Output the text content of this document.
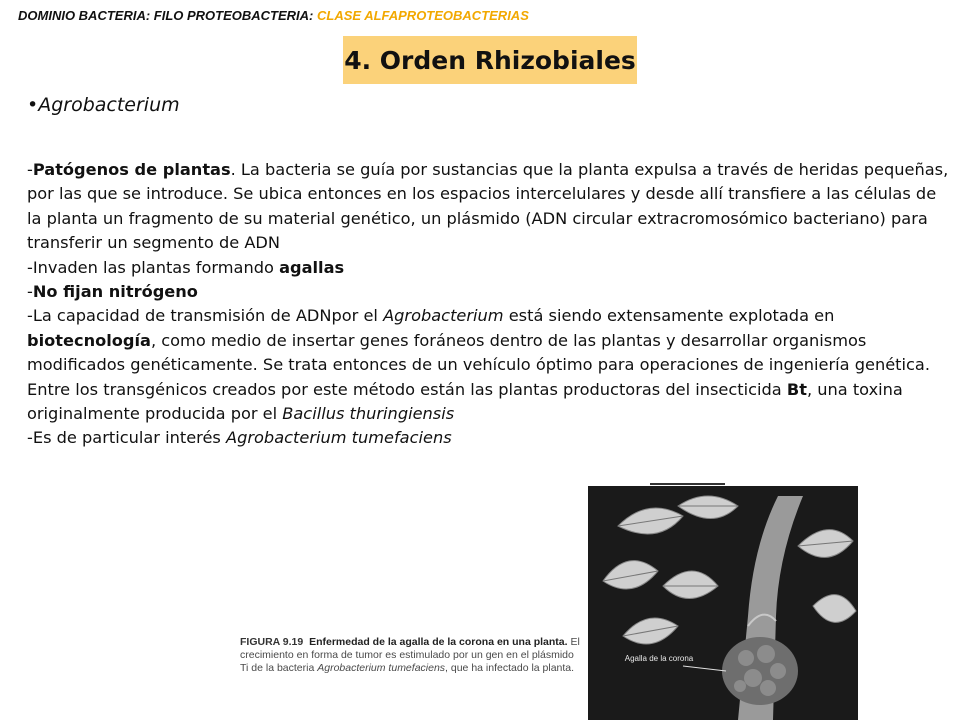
DOMINIO BACTERIA: FILO PROTEOBACTERIA: CLASE ALFAPROTEOBACTERIAS
4. Orden Rhizobiales
•Agrobacterium

-Patógenos de plantas. La bacteria se guía por sustancias que la planta expulsa a través de heridas pequeñas, por las que se introduce. Se ubica entonces en los espacios intercelulares y desde allí transfiere a las células de la planta un fragmento de su material genético, un plásmido (ADN circular extracromosómico bacteriano) para transferir un segmento de ADN

-Invaden las plantas formando agallas

-No fijan nitrógeno

-La capacidad de transmisión de ADNpor el Agrobacterium está siendo extensamente explotada en biotecnología, como medio de insertar genes foráneos dentro de las plantas y desarrollar organismos modificados genéticamente. Se trata entonces de un vehículo óptimo para operaciones de ingeniería genética. Entre los transgénicos creados por este método están las plantas productoras del insecticida Bt, una toxina originalmente producida por el Bacillus thuringiensis

-Es de particular interés Agrobacterium tumefaciens

Agalla de la corona
FIGURA 9.19 Enfermedad de la agalla de la corona en una planta. El crecimiento en forma de tumor es estimulado por un gen en el plásmido Ti de la bacteria Agrobacterium tumefaciens, que ha infectado la planta.
